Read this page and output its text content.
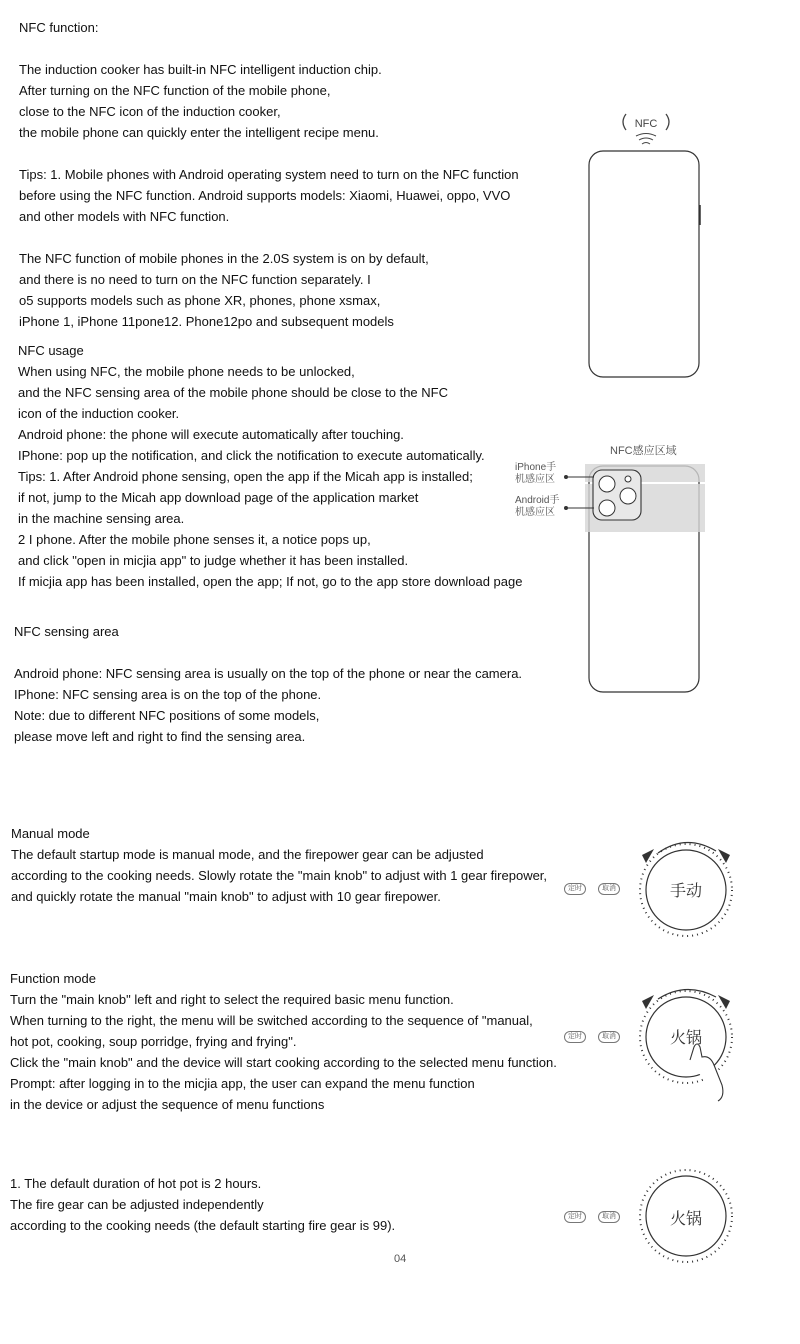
NFC function:
The induction cooker has built-in NFC intelligent induction chip.
After turning on the NFC function of the mobile phone,
close to the NFC icon of the induction cooker,
the mobile phone can quickly enter the intelligent recipe menu.
Tips: 1. Mobile phones with Android operating system need to turn on the NFC function
before using the NFC function. Android supports models: Xiaomi, Huawei, oppo, VVO
and other models with NFC function.
The NFC function of mobile phones in the 2.0S system is on by default,
and there is no need to turn on the NFC function separately. I
o5 supports models such as phone XR, phones, phone xsmax,
iPhone 1, iPhone 11pone12. Phone12po and subsequent models
NFC
NFC usage
When using NFC, the mobile phone needs to be unlocked,
and the NFC sensing area of the mobile phone should be close to the NFC
icon of the induction cooker.
Android phone: the phone will execute automatically after touching.
IPhone: pop up the notification, and click the notification to execute automatically.
Tips: 1. After Android phone sensing, open the app if the Micah app is installed;
if not, jump to the Micah app download page of the application market
in the machine sensing area.
2 I phone. After the mobile phone senses it, a notice pops up,
and click "open in micjia app" to judge whether it has been installed.
If micjia app has been installed, open the app; If not, go to the app store download page
NFC感应区域
iPhone手
机感应区
Android手
机感应区
NFC sensing area
Android phone: NFC sensing area is usually on the top of the phone or near the camera.
IPhone: NFC sensing area is on the top of the phone.
Note: due to different NFC positions of some models,
please move left and right to find the sensing area.
Manual mode
The default startup mode is manual mode, and the firepower gear can be adjusted
according to the cooking needs. Slowly rotate the "main knob" to adjust with 1 gear firepower,
and quickly rotate the manual "main knob" to adjust with 10 gear firepower.
定时	取消	手动
Function mode
Turn the "main knob" left and right to select the required basic menu function.
When turning to the right, the menu will be switched according to the sequence of "manual,
hot pot, cooking, soup porridge, frying and frying".
Click the "main knob" and the device will start cooking according to the selected menu function.
Prompt: after logging in to the micjia app, the user can expand the menu function
in the device or adjust the sequence of menu functions
定时	取消	火锅
1. The default duration of hot pot is 2 hours.
The fire gear can be adjusted independently
according to the cooking needs (the default starting fire gear is 99).
定时	取消	火锅
04
